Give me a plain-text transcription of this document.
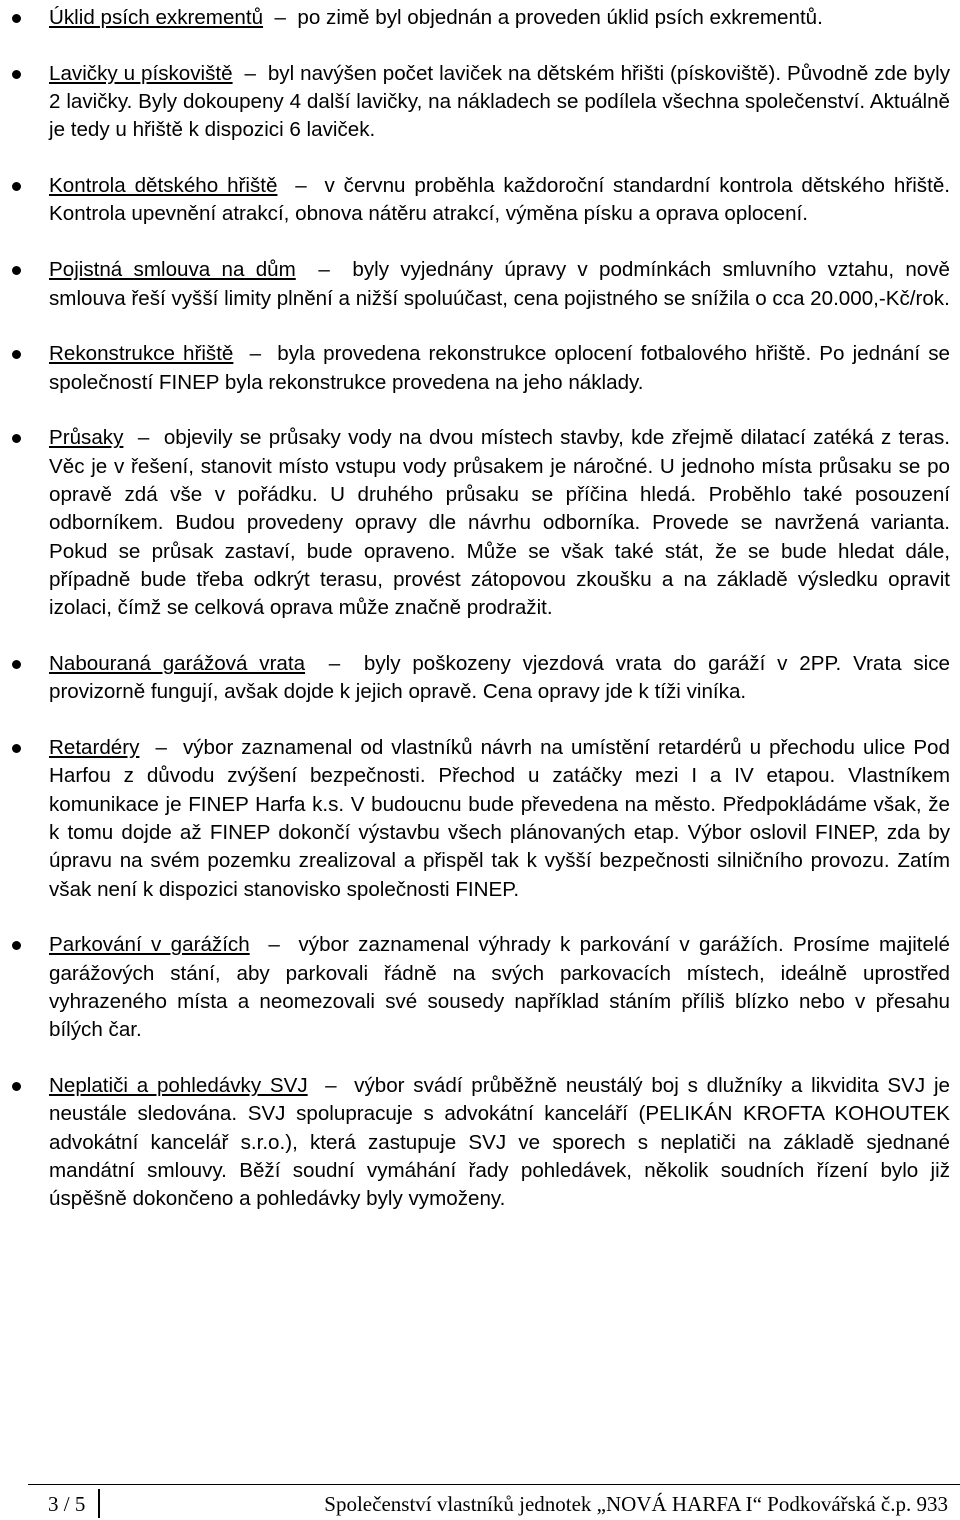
Úklid psích exkrementů  –  po zimě byl objednán a proveden úklid psích exkrementů.
Lavičky u pískoviště  –  byl navýšen počet laviček na dětském hřišti (pískoviště). Původně zde byly 2 lavičky. Byly dokoupeny 4 další lavičky, na nákladech se podílela všechna společenství. Aktuálně je tedy u hřiště k dispozici 6 laviček.
Kontrola dětského hřiště  –  v červnu proběhla každoroční standardní kontrola dětského hřiště. Kontrola upevnění atrakcí, obnova nátěru atrakcí, výměna písku a oprava oplocení.
Pojistná smlouva na dům  –  byly vyjednány úpravy v podmínkách smluvního vztahu, nově smlouva řeší vyšší limity plnění a nižší spoluúčast, cena pojistného se snížila o cca 20.000,-Kč/rok.
Rekonstrukce hřiště  –  byla provedena rekonstrukce oplocení fotbalového hřiště. Po jednání se společností FINEP byla rekonstrukce provedena na jeho náklady.
Průsaky  –  objevily se průsaky vody na dvou místech stavby, kde zřejmě dilatací zatéká z teras. Věc je v řešení, stanovit místo vstupu vody průsakem je náročné. U jednoho místa průsaku se po opravě zdá vše v pořádku. U druhého průsaku se příčina hledá. Proběhlo také posouzení odborníkem. Budou provedeny opravy dle návrhu odborníka. Provede se navržená varianta. Pokud se průsak zastaví, bude opraveno. Může se však také stát, že se bude hledat dále, případně bude třeba odkrýt terasu, provést zátopovou zkoušku a na základě výsledku opravit izolaci, čímž se celková oprava může značně prodražit.
Nabouraná garážová vrata  –  byly poškozeny vjezdová vrata do garáží v 2PP. Vrata sice provizorně fungují, avšak dojde k jejich opravě. Cena opravy jde k tíži viníka.
Retardéry  –  výbor zaznamenal od vlastníků návrh na umístění retardérů u přechodu ulice Pod Harfou z důvodu zvýšení bezpečnosti. Přechod u zatáčky mezi I a IV etapou. Vlastníkem komunikace je FINEP Harfa k.s. V budoucnu bude převedena na město. Předpokládáme však, že k tomu dojde až FINEP dokončí výstavbu všech plánovaných etap. Výbor oslovil FINEP, zda by úpravu na svém pozemku zrealizoval a přispěl tak k vyšší bezpečnosti silničního provozu. Zatím však není k dispozici stanovisko společnosti FINEP.
Parkování v garážích  –  výbor zaznamenal výhrady k parkování v garážích. Prosíme majitelé garážových stání, aby parkovali řádně na svých parkovacích místech, ideálně uprostřed vyhrazeného místa a neomezovali své sousedy například stáním příliš blízko nebo v přesahu bílých čar.
Neplatiči a pohledávky SVJ  –  výbor svádí průběžně neustálý boj s dlužníky a likvidita SVJ je neustále sledována. SVJ spolupracuje s advokátní kanceláří (PELIKÁN KROFTA KOHOUTEK advokátní kancelář s.r.o.), která zastupuje SVJ ve sporech s neplatiči na základě sjednané mandátní smlouvy. Běží soudní vymáhání řady pohledávek, několik soudních řízení bylo již úspěšně dokončeno a pohledávky byly vymoženy.
3 / 5	Společenství vlastníků jednotek „NOVÁ HARFA I“ Podkovářská č.p. 933
